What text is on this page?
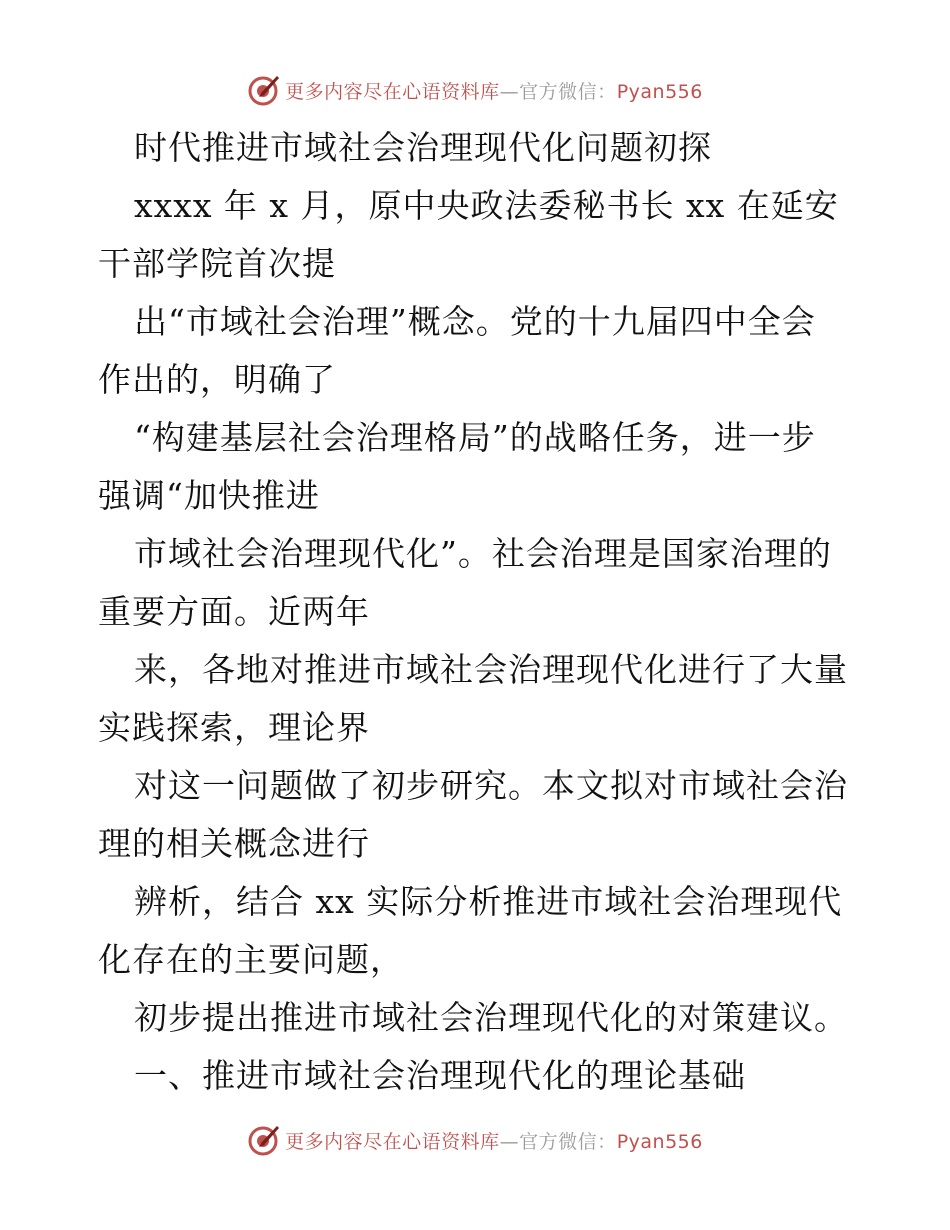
更多内容尽在心语资料库—官方微信：Pyan556
时代推进市域社会治理现代化问题初探
xxxx 年 x 月，原中央政法委秘书长 xx 在延安
干部学院首次提
出“市域社会治理”概念。党的十九届四中全会
作出的，明确了
“构建基层社会治理格局”的战略任务，进一步
强调“加快推进
市域社会治理现代化”。社会治理是国家治理的
重要方面。近两年
来，各地对推进市域社会治理现代化进行了大量
实践探索，理论界
对这一问题做了初步研究。本文拟对市域社会治
理的相关概念进行
辨析，结合 xx 实际分析推进市域社会治理现代
化存在的主要问题，
初步提出推进市域社会治理现代化的对策建议。
一、推进市域社会治理现代化的理论基础
更多内容尽在心语资料库—官方微信：Pyan556
